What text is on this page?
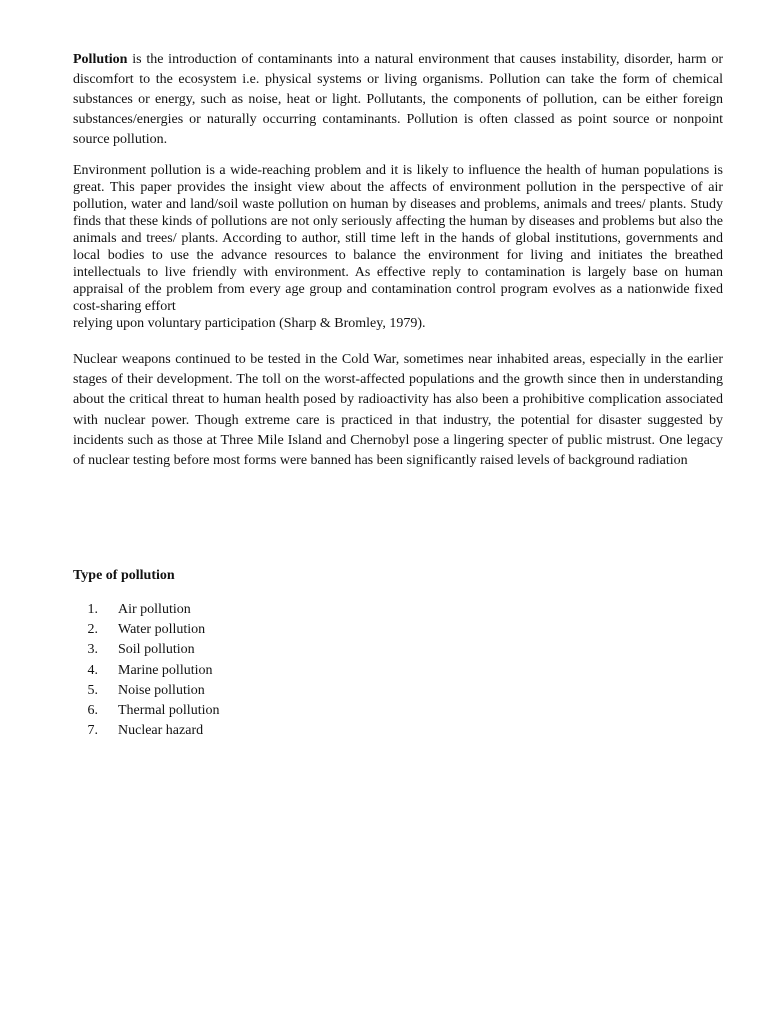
Pollution is the introduction of contaminants into a natural environment that causes instability, disorder, harm or discomfort to the ecosystem i.e. physical systems or living organisms. Pollution can take the form of chemical substances or energy, such as noise, heat or light. Pollutants, the components of pollution, can be either foreign substances/energies or naturally occurring contaminants. Pollution is often classed as point source or nonpoint source pollution.

Environment pollution is a wide-reaching problem and it is likely to influence the health of human populations is great. This paper provides the insight view about the affects of environment pollution in the perspective of air pollution, water and land/soil waste pollution on human by diseases and problems, animals and trees/ plants. Study finds that these kinds of pollutions are not only seriously affecting the human by diseases and problems but also the animals and trees/ plants. According to author, still time left in the hands of global institutions, governments and local bodies to use the advance resources to balance the environment for living and initiates the breathed intellectuals to live friendly with environment. As effective reply to contamination is largely base on human appraisal of the problem from every age group and contamination control program evolves as a nationwide fixed cost-sharing effort
relying upon voluntary participation (Sharp & Bromley, 1979).

Nuclear weapons continued to be tested in the Cold War, sometimes near inhabited areas, especially in the earlier stages of their development. The toll on the worst-affected populations and the growth since then in understanding about the critical threat to human health posed by radioactivity has also been a prohibitive complication associated with nuclear power. Though extreme care is practiced in that industry, the potential for disaster suggested by incidents such as those at Three Mile Island and Chernobyl pose a lingering specter of public mistrust. One legacy of nuclear testing before most forms were banned has been significantly raised levels of background radiation

Type of pollution

1. Air pollution
2. Water pollution
3. Soil pollution
4. Marine pollution
5. Noise pollution
6. Thermal pollution
7. Nuclear hazard
